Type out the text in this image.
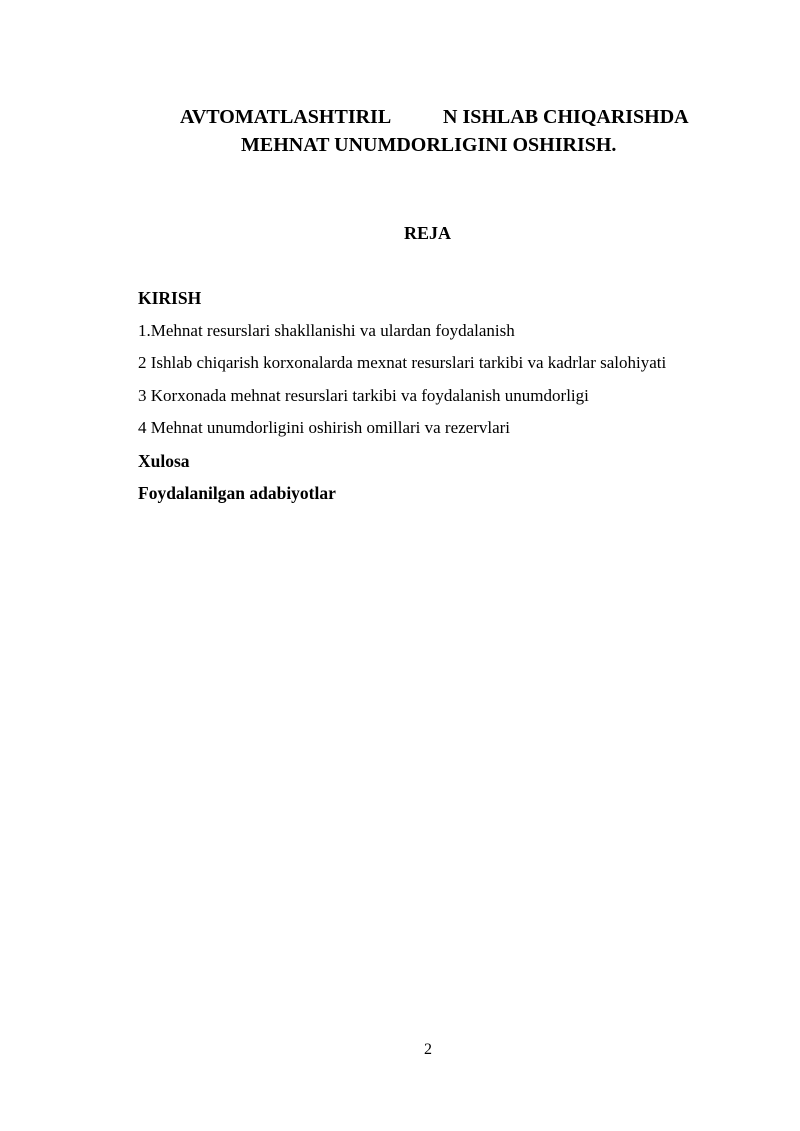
AVTOMATLASHTIRIL	N ISHLAB CHIQARISHDA
MEHNAT UNUMDORLIGINI OSHIRISH.
REJA
KIRISH
1.Mehnat resurslari shakllanishi va ulardan foydalanish
2 Ishlab chiqarish korxonalarda mexnat resurslari tarkibi va kadrlar salohiyati
3 Korxonada mehnat resurslari tarkibi va foydalanish unumdorligi
4 Mehnat unumdorligini oshirish omillari va rezervlari
Xulosa
Foydalanilgan adabiyotlar
2
